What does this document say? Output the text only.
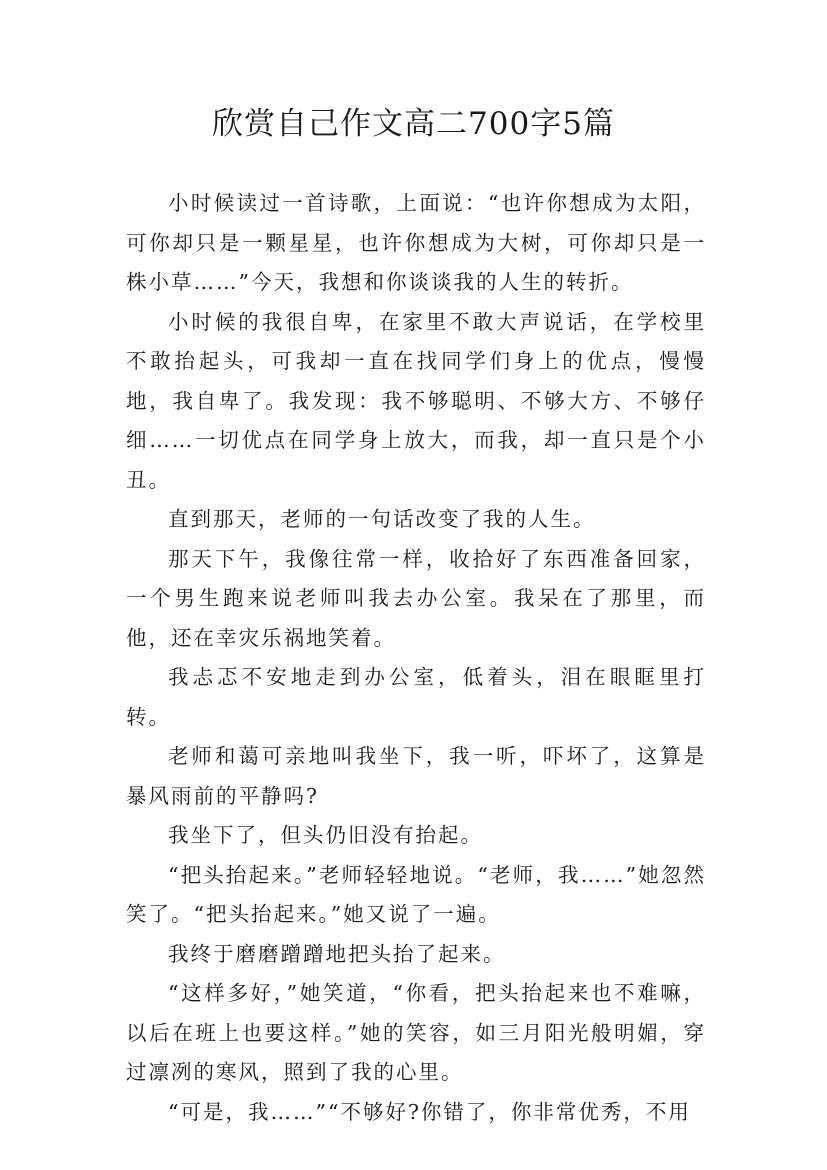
欣赏自己作文高二700字5篇

小时候读过一首诗歌，上面说：“也许你想成为太阳，可你却只是一颗星星，也许你想成为大树，可你却只是一株小草……”今天，我想和你谈谈我的人生的转折。

小时候的我很自卑，在家里不敢大声说话，在学校里不敢抬起头，可我却一直在找同学们身上的优点，慢慢地，我自卑了。我发现：我不够聪明、不够大方、不够仔细……一切优点在同学身上放大，而我，却一直只是个小丑。

直到那天，老师的一句话改变了我的人生。

那天下午，我像往常一样，收拾好了东西准备回家，一个男生跑来说老师叫我去办公室。我呆在了那里，而他，还在幸灾乐祸地笑着。

我忐忑不安地走到办公室，低着头，泪在眼眶里打转。

老师和蔼可亲地叫我坐下，我一听，吓坏了，这算是暴风雨前的平静吗?

我坐下了，但头仍旧没有抬起。

“把头抬起来。”老师轻轻地说。“老师，我……”她忽然笑了。“把头抬起来。”她又说了一遍。

我终于磨磨蹭蹭地把头抬了起来。

“这样多好，”她笑道，“你看，把头抬起来也不难嘛，以后在班上也要这样。”她的笑容，如三月阳光般明媚，穿过凛冽的寒风，照到了我的心里。

“可是，我……”“不够好?你错了，你非常优秀，不用
